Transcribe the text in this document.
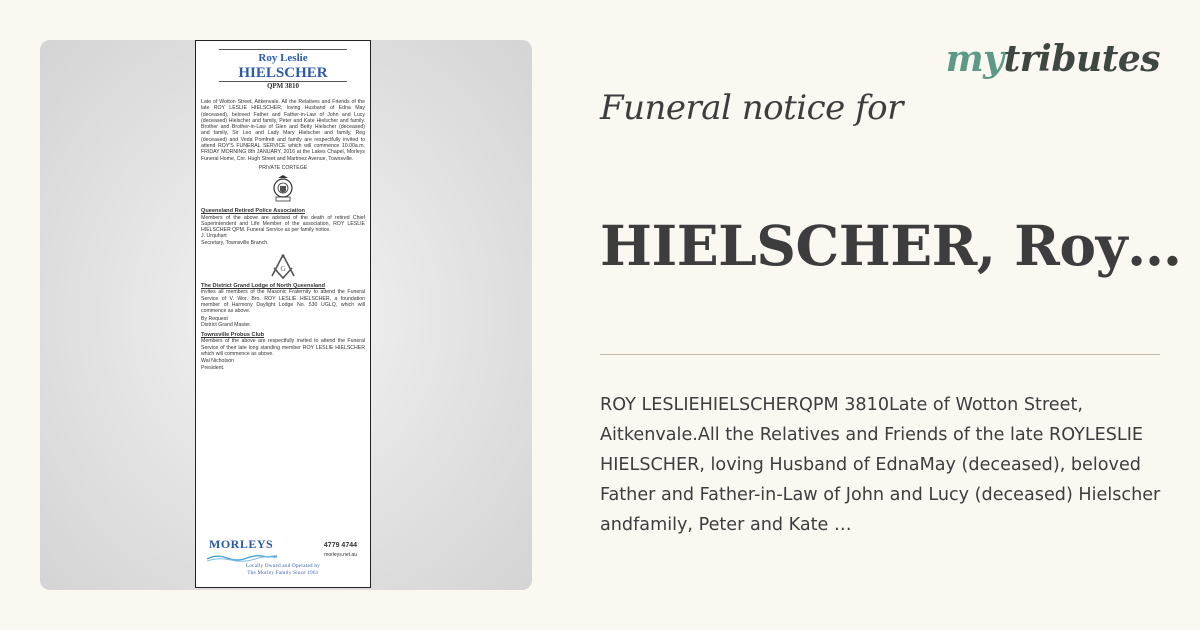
Roy Leslie
HIELSCHER
QPM 3810
Late of Wotton Street, Aitkenvale. All the Relatives and Friends of the late ROY LESLIE HIELSCHER, loving Husband of Edna May (deceased), beloved Father and Father-in-Law of John and Lucy (deceased) Hielscher and family, Peter and Kate Hielscher and family. Brother and Brother-in-Law of Glen and Betty Hielscher (deceased) and family, Sir Leo and Lady Mary Hielscher and family, Reg (deceased) and Veda Pomfrett and family are respectfully invited to attend ROY'S FUNERAL SERVICE which will commence 10.00a.m. FRIDAY MORNING 8th JANUARY, 2016 at the Lakes Chapel, Morleys Funeral Home, Cnr. Hugh Street and Martinez Avenue, Townsville.
PRIVATE CORTEGE
Queensland Retired Police Association
Members of the above are advised of the death of retired Chief Superintendent and Life Member of the association, ROY LESLIE HIELSCHER QPM. Funeral Service as per family notice.
J. Urquhart
Secretary, Townsville Branch.
G
The District Grand Lodge of North Queensland
invites all members of the Masonic Fraternity to attend the Funeral Service of V. Wor. Bro. ROY LESLIE HIELSCHER, a foundation member of Harmony Daylight Lodge No. 530 UGLQ, which will commence as above.
By Request
District Grand Master.
Townsville Probus Club
Members of the above are respectfully invited to attend the Funeral Service of their late long standing member ROY LESLIE HIELSCHER which will commence as above.
Wal Nicholson
President.
MORLEYS	4779 4744
morleys.net.au
Locally Owned and Operated by
The Morley Family Since 1961
mytributes
Funeral notice for
HIELSCHER, Roy…
ROY LESLIEHIELSCHERQPM 3810Late of Wotton Street, Aitkenvale.All the Relatives and Friends of the late ROYLESLIE HIELSCHER, loving Husband of EdnaMay (deceased), beloved Father and Father-in-Law of John and Lucy (deceased) Hielscher andfamily, Peter and Kate …
